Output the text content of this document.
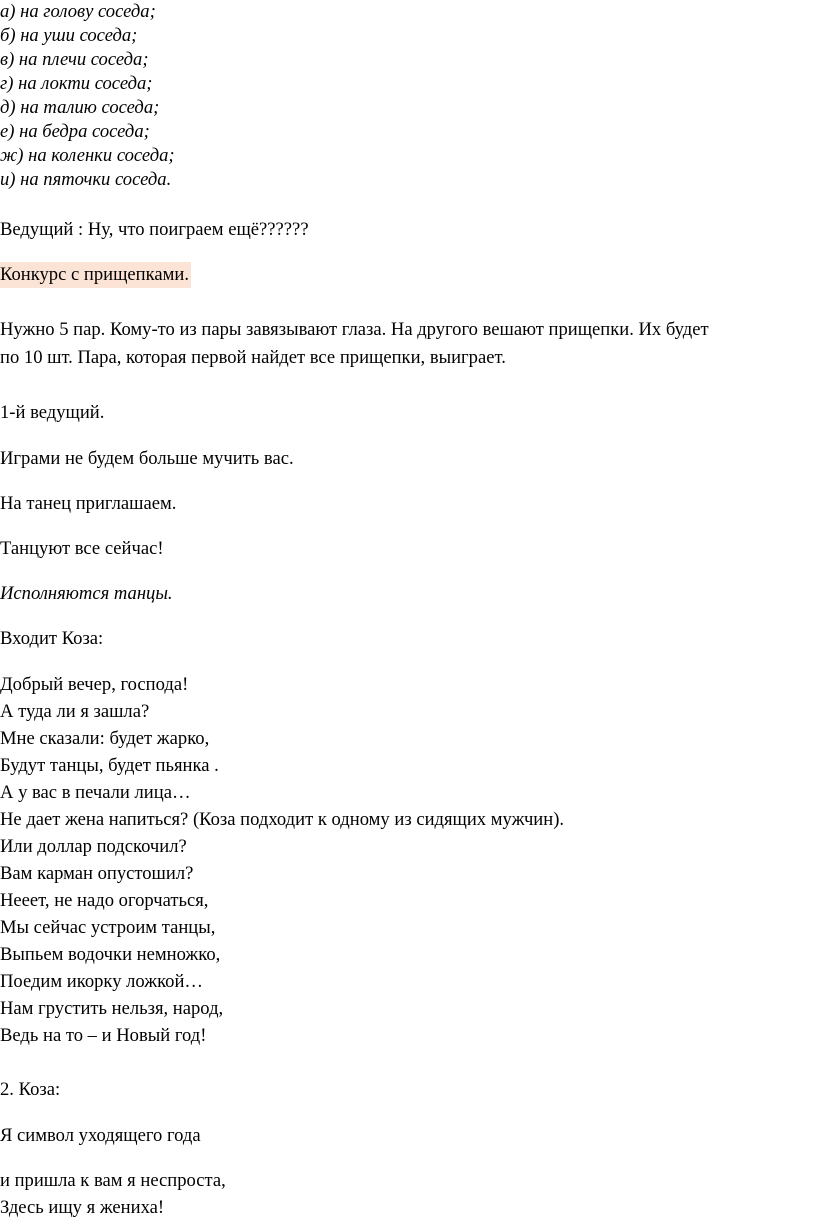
а) на голову соседа;
б) на уши соседа;
в) на плечи соседа;
г) на локти соседа;
д) на талию соседа;
е) на бедра соседа;
ж) на коленки соседа;
и) на пяточки соседа.
Ведущий : Ну, что поиграем ещё??????
Конкурс с прищепками.
Нужно 5 пар. Кому-то из пары завязывают глаза. На другого вешают прищепки. Их будет
по 10 шт. Пара, которая первой найдет все прищепки, выиграет.
1-й ведущий.
Играми не будем больше мучить вас.
На танец приглашаем.
Танцуют все сейчас!
Исполняются танцы.
Входит Коза:
Добрый вечер, господа!
А туда ли я зашла?
Мне сказали: будет жарко,
Будут танцы, будет пьянка .
А у вас в печали лица…
Не дает жена напиться? (Коза подходит к одному из сидящих мужчин).
Или доллар подскочил?
Вам карман опустошил?
Нееет, не надо огорчаться,
Мы сейчас устроим танцы,
Выпьем водочки немножко,
Поедим икорку ложкой…
Нам грустить нельзя, народ,
Ведь на то – и Новый год!
2. Коза:
Я символ уходящего года
и пришла к вам я неспроста,
Здесь ищу я жениха!
